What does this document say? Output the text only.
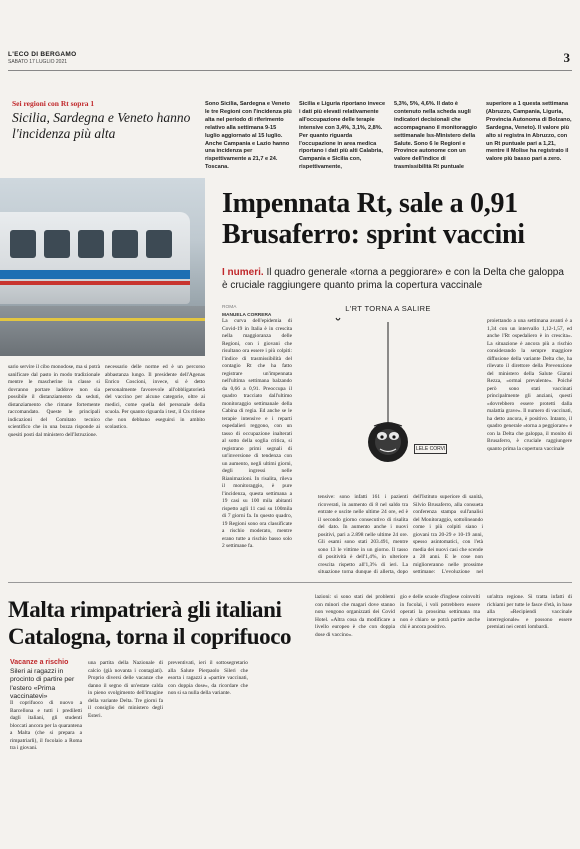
L'ECO DI BERGAMO
SABATO 17 LUGLIO 2021	3
Sei regioni con Rt sopra 1
Sicilia, Sardegna e Veneto hanno l'incidenza più alta
Sono Sicilia, Sardegna e Veneto le tre Regioni con l'incidenza più alta nel periodo di riferimento relativo alla settimana 9-15 luglio aggiornato al 15 luglio. Anche Campania e Lazio hanno una incidenza per rispettivamente a 21,7 e 24. Toscana.
Sicilia e Liguria riportano invece i dati più elevati relativamente all'occupazione delle terapie intensive con 3,4%, 3,1%, 2,8%. Per quanto riguarda l'occupazione in area medica riportano i dati più alti Calabria, Campania e Sicilia con, rispettivamente,
5,3%, 5%, 4,6%. Il dato è contenuto nella scheda sugli indicatori decisionali che accompagnano il monitoraggio settimanale Iss-Ministero della Salute. Sono 6 le Regioni e Province autonome con un valore dell'indice di trasmissibilità Rt puntuale
superiore a 1 questa settimana (Abruzzo, Campania, Liguria, Provincia Autonoma di Bolzano, Sardegna, Veneto). Il valore più alto si registra in Abruzzo, con un Rt puntuale pari a 1,21, mentre il Molise ha registrato il valore più basso pari a zero.
Impennata Rt, sale a 0,91 Brusaferro: sprint vaccini
I numeri. Il quadro generale «torna a peggiorare» e con la Delta che galoppa è cruciale raggiungere quanto prima la copertura vaccinale
ROMA
MANUELA CORRERA
L'RT TORNA A SALIRE
LELE CORVI
La curva dell'epidemia di Covid-19 in Italia è in crescita nella maggioranza delle Regioni, con i giovani che risultano ora essere i più colpiti: l'indice di trasmissibilità del contagio Rt che ha fatto registrare un'impennata nell'ultima settimana balzando da 0,66 a 0,91. Preoccupa il quadro tracciato dall'ultimo monitoraggio settimanale della Cabina di regia. Ed anche se le terapie intensive e i reparti ospedalieri reggono, con un tasso di occupazione inalterati al sotto della soglia critica, si registrano primi segnali di un'inversione di tendenza con un aumento, negli ultimi giorni, degli ingressi nelle Rianimazioni. In risalita, rileva il monitoraggio, è pure l'incidenza, questa settimana a 19 casi su 100 mila abitanti rispetto agli 11 casi su 100mila di 7 giorni fa. In questo quadro, 19 Regioni sono ora classificate a rischio moderato, mentre erano tutte a rischio basso solo 2 settimane fa.
tensive: sono infatti 161 i pazienti ricoverati, in aumento di 8 nel saldo tra entrate e uscite nelle ultime 24 ore, ed è il secondo giorno consecutivo di risalita del dato. In aumento anche i nuovi positivi, pari a 2.898 nelle ultime 24 ore. Gli esami sono stati 203.491, mentre sono 13 le vittime in un giorno. Il tasso di positività è dell'1,4%, in ulteriore crescita rispetto all'1,3% di ieri. La situazione torna dunque di allerta, dopo
dell'Istituto superiore di sanità, Silvio Brusaferro, alla consueta conferenza stampa sull'analisi del Monitoraggio, sottolineando come i più colpiti siano i giovani tra 20-29 e 10-19 anni, spesso asintomatici, con l'età media dei nuovi casi che scende a 28 anni. E le cose non miglioreranno nelle prossime settimane: L'evoluzione nel
proiettando a una settimana avanti è a 1,34 con un intervallo 1,12-1,57, ed anche l'Rt ospedaliero è in crescita». La situazione è ancora più a rischio considerando la sempre maggiore diffusione della variante Delta che, ha rilevato il direttore della Prevenzione del ministero della Salute Gianni Rezza, «ormai prevalente». Poiché però sono stati vaccinati principalmente gli anziani, questi «dovrebbero essere protetti dalla malattia grave». Il numero di vaccinati, ha detto ancora, è positivo. Intanto, il quadro generale «torna a peggiorare» e con la Delta che galoppa, il monito di Brusaferro, è cruciale raggiungere quanto prima la copertura vaccinale
sario servire il cibo monodose, ma si potrà sanificare dal pasto in modo tradizionale mentre le mascherine in classe si dovranno portare laddove non sia possibile il distanziamento da seduti, distanziamento che rimane fortemente raccomandato. Queste le principali indicazioni del Comitato tecnico scientifico che in una bozza risponde ai quesiti posti dal ministero dell'Istruzione.
necessario delle norme ed è un percorso abbastanza lungo. Il presidente dell'Agenas Enrico Coscioni, invece, si è detto personalmente favorevole all'obbligatorietà del vaccino per alcune categorie, oltre ai medici, come quella del personale della scuola. Per quanto riguarda i test, il Cts ritiene che non debbano eseguirsi in ambito scolastico.
Malta rimpatrierà gli italiani Catalogna, torna il coprifuoco
Vacanze a rischio
Sileri ai ragazzi in procinto di partire per l'estero «Prima vaccinatevi»
Il coprifuoco di nuovo a Barcellona e tutti i prediletti dagli italiani, gli studenti bloccati ancora per la quarantena a Malta (che si prepara a rimpatriarli), il focolaio a Roma tra i giovani.
una partita della Nazionale di calcio (già novanta i contagiati). Proprio diversi delle vacanze che danno il segno di un'estate calda in pieno svolgimento dell'imagine della variante Delta. Tre giorni fa il consiglio del ministero degli Esteri.
preventivati, ieri il sottosegretario alla Salute Pierpaolo Sileri che esorta i ragazzi a «partire vaccinati, con doppia dose», da ricordare che non si sa nulla della variante.
lazioni: si sono stati dei problemi con minori che magari dove stanno non vengono organizzati dei Covid Hotel. «Altra cosa da modificare a livello europeo è che con doppia dose di vaccino».
gio e delle scuole d'inglese coinvolti in focolai, i voli potrebbero essere operati la prossima settimana ma non è chiaro se potrà partire anche chi è ancora positivo.
un'altra regione. Si tratta infatti di richiami per tutte le fasce d'età, in base alla «Recipiendi vaccinale interregionale» e possono essere premiati nei centri lombardi.
